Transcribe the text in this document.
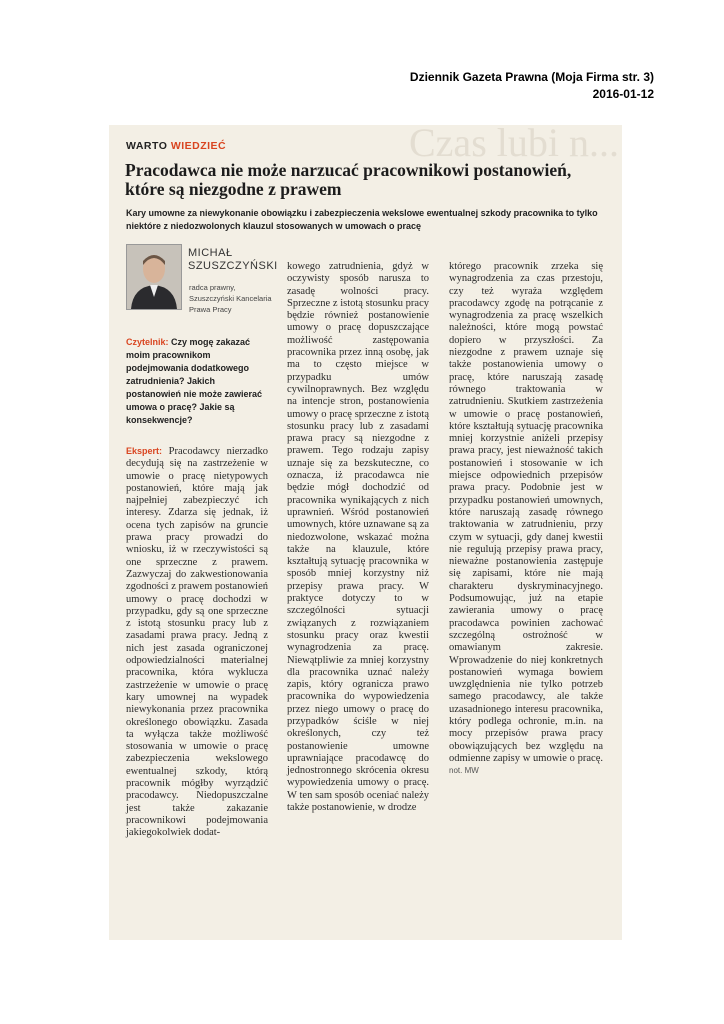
Dziennik Gazeta Prawna (Moja Firma str. 3)
2016-01-12
Czas lubi n...
WARTO WIEDZIEĆ
Pracodawca nie może narzucać pracownikowi postanowień, które są niezgodne z prawem

Kary umowne za niewykonanie obowiązku i zabezpieczenia wekslowe ewentualnej szkody pracownika to tylko niektóre z niedozwolonych klauzul stosowanych w umowach o pracę

MICHAŁ
SZUSZCZYŃSKI
radca prawny, Szuszczyński Kancelaria Prawa Pracy

Czytelnik: Czy mogę zakazać moim pracownikom podejmowania dodatkowego zatrudnienia? Jakich postanowień nie może zawierać umowa o pracę? Jakie są konsekwencje?

Ekspert: Pracodawcy nierzadko decydują się na zastrzeżenie w umowie o pracę nietypowych postanowień, które mają jak najpełniej zabezpieczyć ich interesy. Zdarza się jednak, iż ocena tych zapisów na gruncie prawa pracy prowadzi do wniosku, iż w rzeczywistości są one sprzeczne z prawem. Zazwyczaj do zakwestionowania zgodności z prawem postanowień umowy o pracę dochodzi w przypadku, gdy są one sprzeczne z istotą stosunku pracy lub z zasadami prawa pracy. Jedną z nich jest zasada ograniczonej odpowiedzialności materialnej pracownika, która wyklucza zastrzeżenie w umowie o pracę kary umownej na wypadek niewykonania przez pracownika określonego obowiązku. Zasada ta wyłącza także możliwość stosowania w umowie o pracę zabezpieczenia wekslowego ewentualnej szkody, którą pracownik mógłby wyrządzić pracodawcy. Niedopuszczalne jest także zakazanie pracownikowi podejmowania jakiegokolwiek dodat-

kowego zatrudnienia, gdyż w oczywisty sposób narusza to zasadę wolności pracy. Sprzeczne z istotą stosunku pracy będzie również postanowienie umowy o pracę dopuszczające możliwość zastępowania pracownika przez inną osobę, jak ma to często miejsce w przypadku umów cywilnoprawnych. Bez względu na intencje stron, postanowienia umowy o pracę sprzeczne z istotą stosunku pracy lub z zasadami prawa pracy są niezgodne z prawem. Tego rodzaju zapisy uznaje się za bezskuteczne, co oznacza, iż pracodawca nie będzie mógł dochodzić od pracownika wynikających z nich uprawnień. Wśród postanowień umownych, które uznawane są za niedozwolone, wskazać można także na klauzule, które kształtują sytuację pracownika w sposób mniej korzystny niż przepisy prawa pracy. W praktyce dotyczy to w szczególności sytuacji związanych z rozwiązaniem stosunku pracy oraz kwestii wynagrodzenia za pracę. Niewątpliwie za mniej korzystny dla pracownika uznać należy zapis, który ogranicza prawo pracownika do wypowiedzenia przez niego umowy o pracę do przypadków ściśle w niej określonych, czy też postanowienie umowne uprawniające pracodawcę do jednostronnego skrócenia okresu wypowiedzenia umowy o pracę. W ten sam sposób oceniać należy także postanowienie, w drodze

którego pracownik zrzeka się wynagrodzenia za czas przestoju, czy też wyraża względem pracodawcy zgodę na potrącanie z wynagrodzenia za pracę wszelkich należności, które mogą powstać dopiero w przyszłości. Za niezgodne z prawem uznaje się także postanowienia umowy o pracę, które naruszają zasadę równego traktowania w zatrudnieniu. Skutkiem zastrzeżenia w umowie o pracę postanowień, które kształtują sytuację pracownika mniej korzystnie aniżeli przepisy prawa pracy, jest nieważność takich postanowień i stosowanie w ich miejsce odpowiednich przepisów prawa pracy. Podobnie jest w przypadku postanowień umownych, które naruszają zasadę równego traktowania w zatrudnieniu, przy czym w sytuacji, gdy danej kwestii nie regulują przepisy prawa pracy, nieważne postanowienia zastępuje się zapisami, które nie mają charakteru dyskryminacyjnego. Podsumowując, już na etapie zawierania umowy o pracę pracodawca powinien zachować szczególną ostrożność w omawianym zakresie. Wprowadzenie do niej konkretnych postanowień wymaga bowiem uwzględnienia nie tylko potrzeb samego pracodawcy, ale także uzasadnionego interesu pracownika, który podlega ochronie, m.in. na mocy przepisów prawa pracy obowiązujących bez względu na odmienne zapisy w umowie o pracę. not. MW
